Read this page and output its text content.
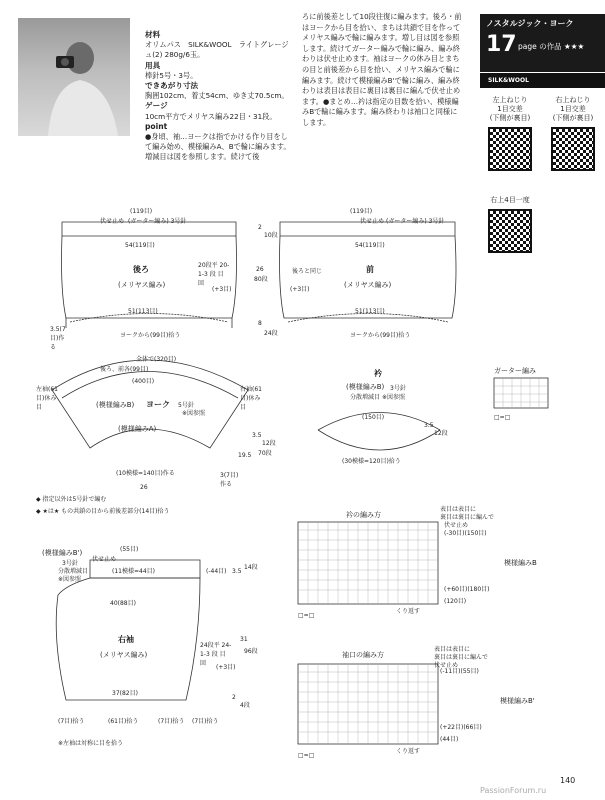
材料
オリムパス　SILK&WOOL　ライトグレージュ(2) 280g/6玉。
用具
棒針5号・3号。
できあがり寸法
胸囲102cm、着丈54cm、ゆき丈70.5cm。
ゲージ
10cm平方でメリヤス編み22目・31段。
point
●身頃、袖…ヨークは指でかける作り目をして編み始め、模様編みA、Bで輪に編みます。増減目は図を参照します。続けて後
ろに前後差として10段往復に編みます。後ろ・前はヨークから目を拾い、まちは共鎖で目を作ってメリヤス編みで輪に編みます。増し目は図を参照します。続けてガーター編みで輪に編み、編み終わりは伏せ止めます。袖はヨークの休み目とまちの目と前後差から目を拾い、メリヤス編みで輪に編みます。続けて模様編みB'で輪に編み、編み終わりは表目は表目に裏目は裏目に編んで伏せ止めます。●まとめ…衿は指定の目数を拾い、模様編みBで輪に編みます。編み終わりは袖口と同様にします。
ノスタルジック・ヨーク
17 page の作品 ★★★
SILK&WOOL
左上ねじり
1目交差
(下側が裏目)
右上ねじり
1目交差
(下側が裏目)
右上4目一度
(119目)
伏せ止め (ガーター編み) 3号針
54(119目)
後ろ
(メリヤス編み)
51(113目)
ヨークから(99目)拾う
20段平 20-1-3 段 目 回
(+3目)
3.5(7目)作る
2
10段
26
80段
8
24段
(119目)
伏せ止め (ガーター編み) 3号針
54(119目)
前
(メリヤス編み)
51(113目)
ヨークから(99目)拾う
後ろと同じ
(+3目)
全体で(320目)
後ろ、前各(99目)
(400目)
(模様編みB) ヨーク 5号針
※図参照
(模様編みA)
左袖(61目)休み目
右袖(61目)休み目
(10模様=140目)作る
26
3.5
12段
19.5 70段
3(7目)作る
衿
(模様編みB) 3号針
分散増減目 ※図参照
(150目)
(30模様=120目)拾う
3.5
12段
ガーター編み
□=□
◆ 指定以外は5号針で編む
◆ ★は★ もの共鎖の目から前後差部分(14目)拾う
(模様編みB')
3号針
分散増減目
※図参照
(55目)
伏せ止め
(11模様=44目)	(-44目) 3.5
14段
40(88目)
右袖
(メリヤス編み)
24段平 24-1-3 段 目 回
(+3目)
31
96段
37(82目)
2
4段
(7目)拾う	(61目)拾う	(7目)拾う (7目)拾う
※左袖は対称に目を拾う
衿の編み方
表目は表目に
裏目は裏目に編んで
伏せ止め
(-30目)(150目)
(+60目)(180目)
(120目)
くり返す
模様編みB
□=□
袖口の編み方
表目は表目に
裏目は裏目に編んで
伏せ止め
(-11目)(55目)
(+22目)(66目)
(44目)
くり返す
模様編みB'
□=□
140
PassionForum.ru
